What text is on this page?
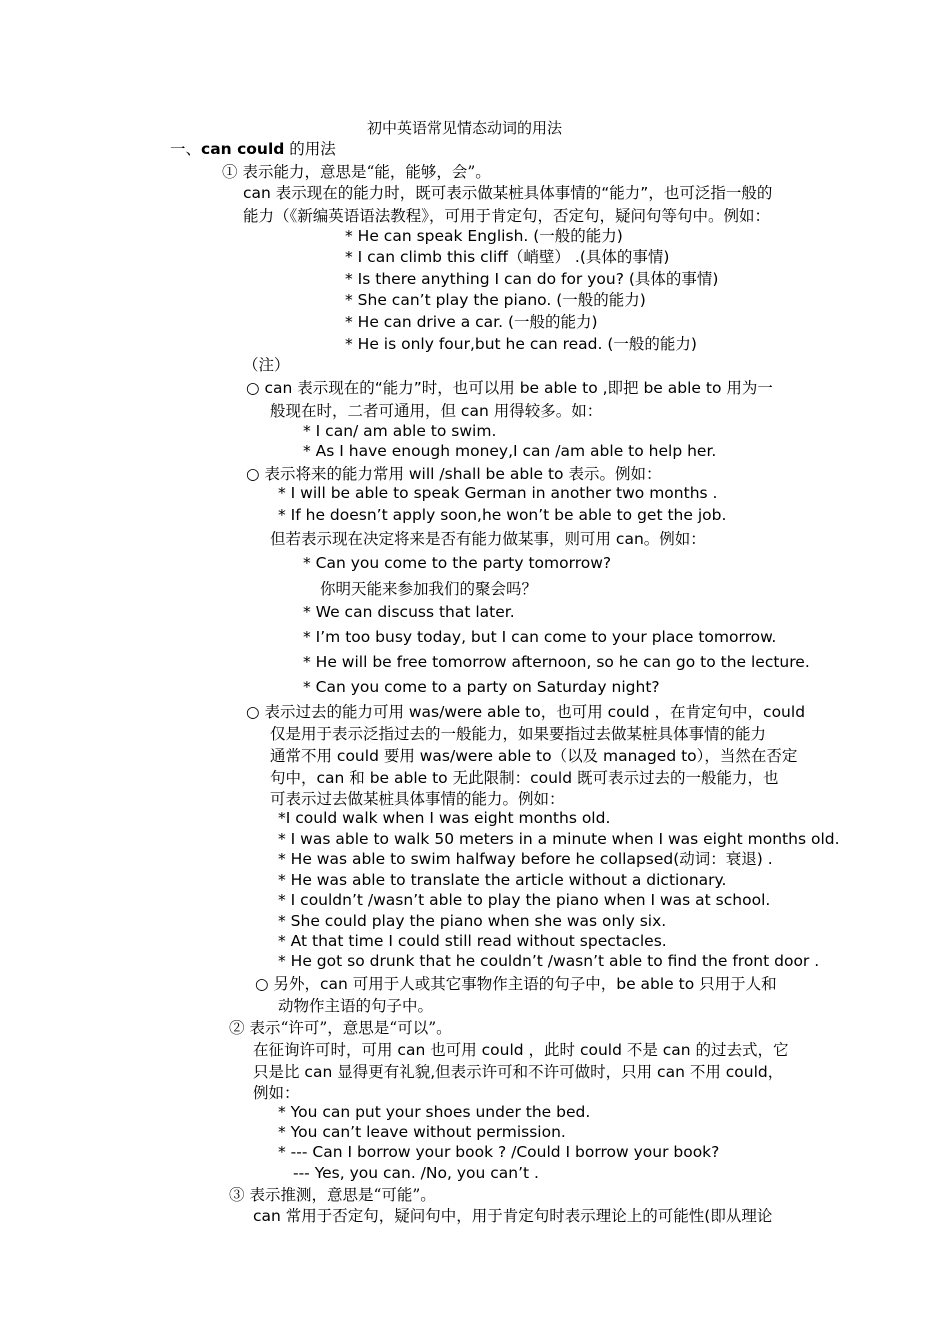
初中英语常见情态动词的用法
一、can could 的用法
① 表示能力，意思是“能，能够，会”。
can 表示现在的能力时，既可表示做某桩具体事情的“能力”，也可泛指一般的
能力（《新编英语语法教程》，可用于肯定句，否定句，疑问句等句中。例如：
* He can speak English. (一般的能力)
* I can climb this cliff（峭壁） .(具体的事情)
* Is there anything I can do for you? (具体的事情)
* She can’t play the piano. (一般的能力)
* He can drive a car. (一般的能力)
* He is only four,but he can read. (一般的能力)
（注）
○ can 表示现在的“能力”时，也可以用 be able to ,即把 be able to 用为一
般现在时，二者可通用，但 can 用得较多。如：
* I can/ am able to swim.
* As I have enough money,I can /am able to help her.
○ 表示将来的能力常用 will /shall be able to 表示。例如：
* I will be able to speak German in another two months .
* If he doesn’t apply soon,he won’t be able to get the job.
但若表示现在决定将来是否有能力做某事，则可用 can。例如：
* Can you come to the party tomorrow?
你明天能来参加我们的聚会吗？
* We can discuss that later.
* I’m too busy today, but I can come to your place tomorrow.
* He will be free tomorrow afternoon, so he can go to the lecture.
* Can you come to a party on Saturday night?
○ 表示过去的能力可用 was/were able to，也可用 could ，在肯定句中，could
仅是用于表示泛指过去的一般能力，如果要指过去做某桩具体事情的能力
通常不用 could 要用 was/were able to（以及 managed to），当然在否定
句中，can 和 be able to 无此限制：could 既可表示过去的一般能力，也
可表示过去做某桩具体事情的能力。例如：
*I could walk when I was eight months old.
* I was able to walk 50 meters in a minute when I was eight months old.
* He was able to swim halfway before he collapsed(动词：衰退) .
* He was able to translate the article without a dictionary.
* I couldn’t /wasn’t able to play the piano when I was at school.
* She could play the piano when she was only six.
* At that time I could still read without spectacles.
* He got so drunk that he couldn’t /wasn’t able to find the front door .
○ 另外，can 可用于人或其它事物作主语的句子中，be able to 只用于人和
动物作主语的句子中。
② 表示“许可”，意思是“可以”。
在征询许可时，可用 can 也可用 could ，此时 could 不是 can 的过去式，它
只是比 can 显得更有礼貌,但表示许可和不许可做时，只用 can 不用 could，
例如：
* You can put your shoes under the bed.
* You can’t leave without permission.
* --- Can I borrow your book ? /Could I borrow your book?
--- Yes, you can. /No, you can’t .
③ 表示推测，意思是“可能”。
can 常用于否定句，疑问句中，用于肯定句时表示理论上的可能性(即从理论
